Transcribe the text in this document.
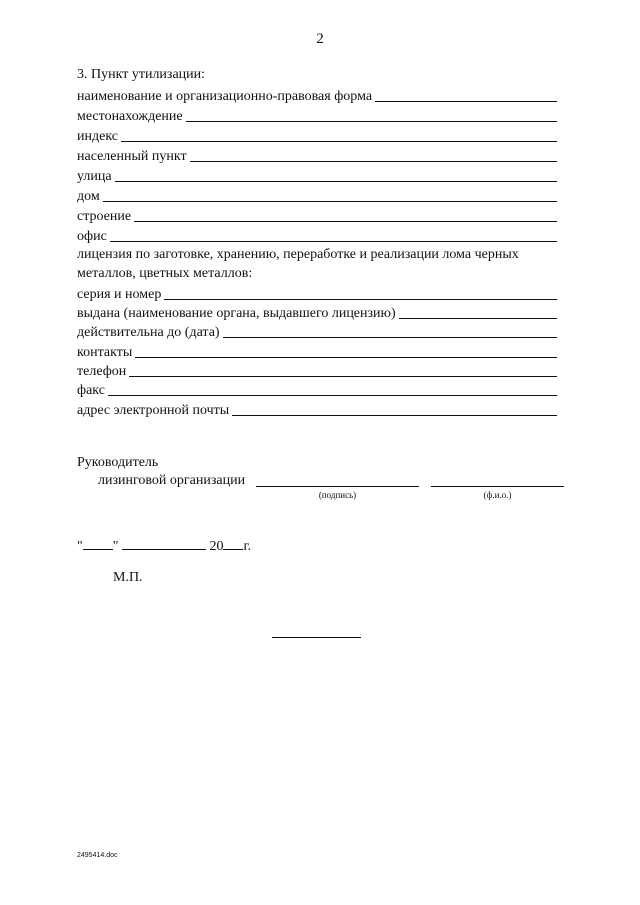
2
3. Пункт утилизации:
наименование и организационно-правовая форма
местонахождение
индекс
населенный пункт
улица
дом
строение
офис
лицензия по заготовке, хранению, переработке и реализации лома черных
металлов, цветных металлов:
серия и номер
выдана (наименование органа, выдавшего лицензию)
действительна до (дата)
контакты
телефон
факс
адрес электронной почты
Руководитель
лизинговой организации
(подпись)	(ф.и.о.)
" "	20 г.
М.П.
2495414.doc
